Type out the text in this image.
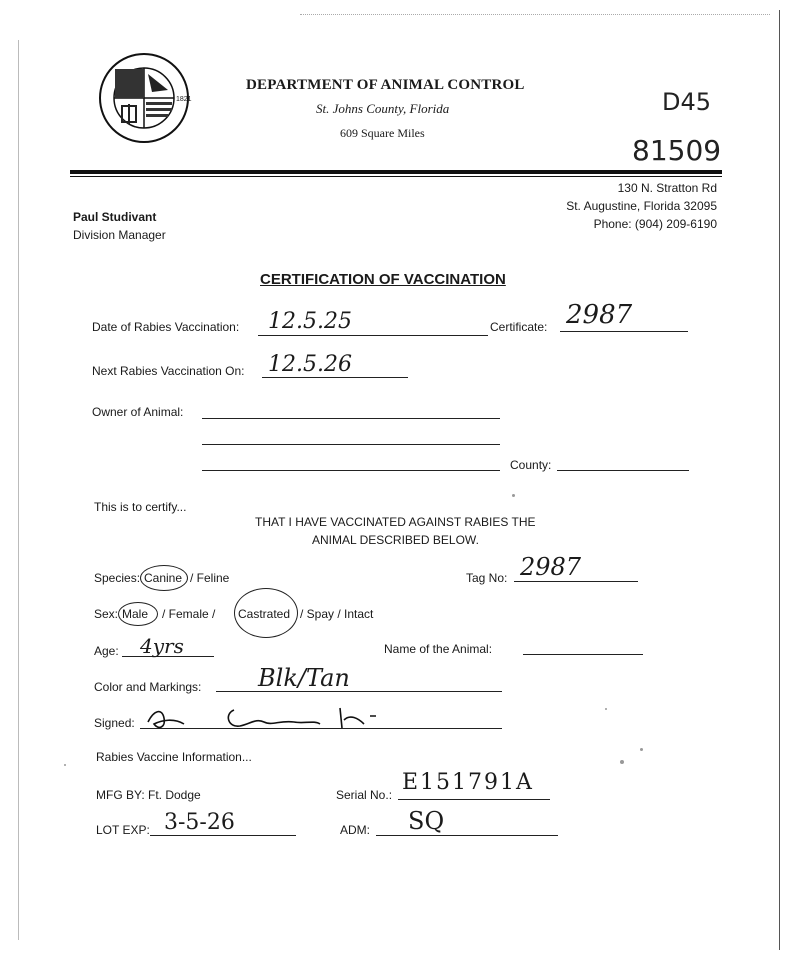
1821
DEPARTMENT OF ANIMAL CONTROL
St. Johns County, Florida
609 Square Miles
D45
81509
130 N. Stratton Rd
St. Augustine, Florida 32095
Phone: (904) 209-6190
Paul Studivant
Division Manager
CERTIFICATION OF VACCINATION
Date of Rabies Vaccination: 12.5.25	Certificate: 2987
Next Rabies Vaccination On: 12.5.26
Owner of Animal:
County:
This is to certify...
THAT I HAVE VACCINATED AGAINST RABIES THE
ANIMAL DESCRIBED BELOW.
Species: Canine / Feline	Tag No: 2987
Sex: Male / Female / Castrated / Spay / Intact
Age: 4yrs	Name of the Animal:
Color and Markings: Blk/Tan
Signed:
Rabies Vaccine Information...
MFG BY: Ft. Dodge	Serial No.: E151791A
LOT EXP: 3-5-26	ADM: SQ
